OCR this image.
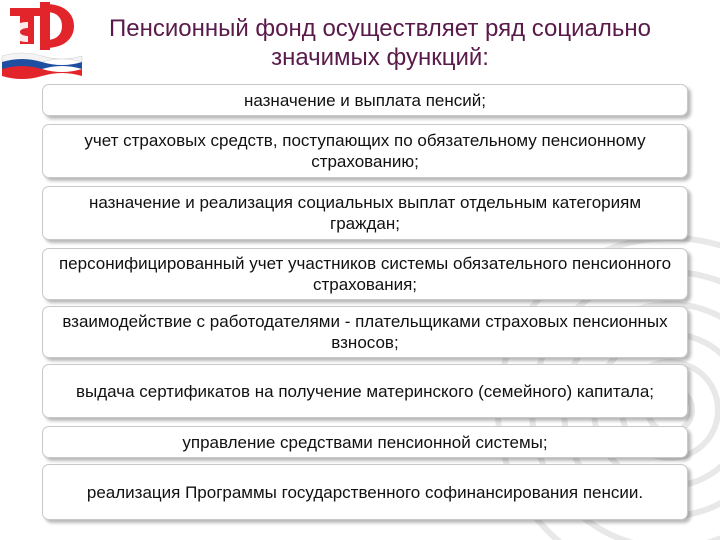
Пенсионный фонд осуществляет ряд социально
значимых функций:
назначение и выплата пенсий;
учет страховых средств, поступающих по обязательному пенсионному страхованию;
назначение и реализация социальных выплат отдельным категориям граждан;
персонифицированный учет участников системы обязательного пенсионного страхования;
взаимодействие с работодателями - плательщиками страховых пенсионных взносов;
выдача сертификатов на получение материнского (семейного) капитала;
управление средствами пенсионной системы;
реализация Программы государственного софинансирования пенсии.
